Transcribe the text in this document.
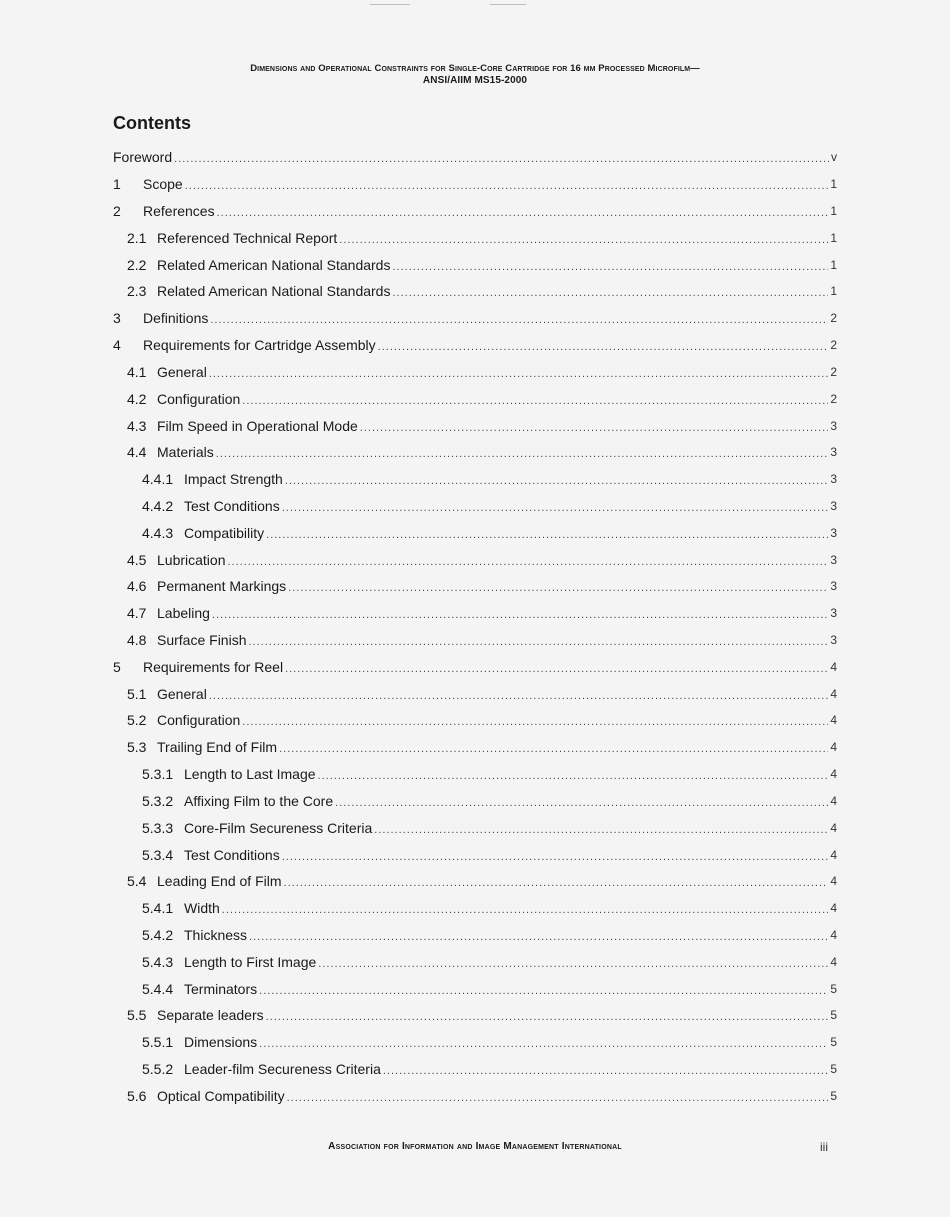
Dimensions and Operational Constraints for Single-Core Cartridge for 16 mm Processed Microfilm—
ANSI/AIIM MS15-2000
Contents
Foreword .....	v
1	Scope .....	1
2	References .....	1
2.1 Referenced Technical Report .....	1
2.2 Related American National Standards .....	1
2.3 Related American National Standards .....	1
3	Definitions .....	2
4	Requirements for Cartridge Assembly .....	2
4.1 General .....	2
4.2 Configuration .....	2
4.3 Film Speed in Operational Mode .....	3
4.4 Materials .....	3
4.4.1 Impact Strength .....	3
4.4.2 Test Conditions .....	3
4.4.3 Compatibility .....	3
4.5 Lubrication .....	3
4.6 Permanent Markings .....	3
4.7 Labeling .....	3
4.8 Surface Finish .....	3
5	Requirements for Reel .....	4
5.1 General .....	4
5.2 Configuration .....	4
5.3 Trailing End of Film .....	4
5.3.1 Length to Last Image .....	4
5.3.2 Affixing Film to the Core .....	4
5.3.3 Core-Film Secureness Criteria .....	4
5.3.4 Test Conditions .....	4
5.4 Leading End of Film .....	4
5.4.1 Width .....	4
5.4.2 Thickness .....	4
5.4.3 Length to First Image .....	4
5.4.4 Terminators .....	5
5.5 Separate leaders .....	5
5.5.1 Dimensions .....	5
5.5.2 Leader-film Secureness Criteria .....	5
5.6 Optical Compatibility .....	5
Association for Information and Image Management International	iii
